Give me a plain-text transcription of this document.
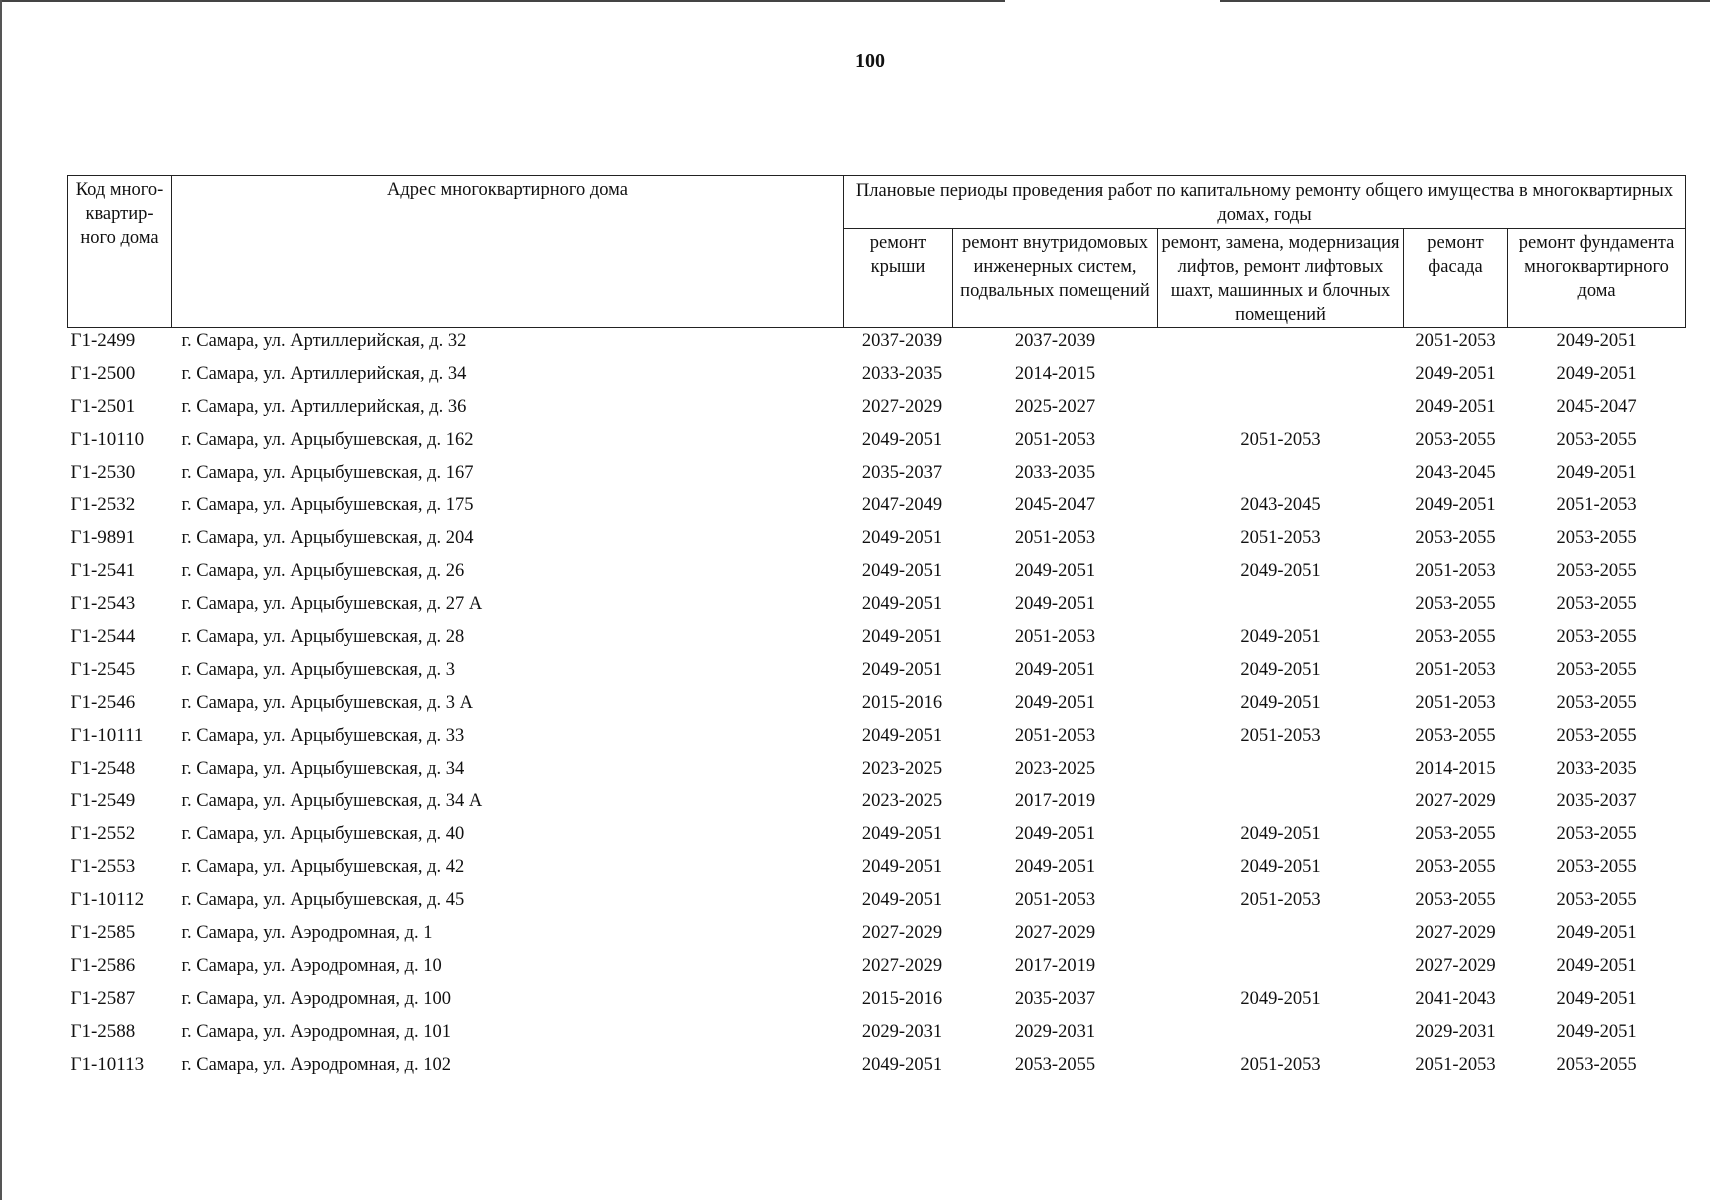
100
Код много-квартир-ного дома	Адрес многоквартирного дома	Плановые периоды проведения работ по капитальному ремонту общего имущества в многоквартирных домах, годы				
		ремонт крыши	ремонт внутридомовых инженерных систем, подвальных помещений	ремонт, замена, модернизация лифтов, ремонт лифтовых шахт, машинных и блочных помещений	ремонт фасада	ремонт фундамента многоквартирного дома
Г1-2499	г. Самара, ул. Артиллерийская, д. 32	2037-2039	2037-2039		2051-2053	2049-2051
Г1-2500	г. Самара, ул. Артиллерийская, д. 34	2033-2035	2014-2015		2049-2051	2049-2051
Г1-2501	г. Самара, ул. Артиллерийская, д. 36	2027-2029	2025-2027		2049-2051	2045-2047
Г1-10110	г. Самара, ул. Арцыбушевская, д. 162	2049-2051	2051-2053	2051-2053	2053-2055	2053-2055
Г1-2530	г. Самара, ул. Арцыбушевская, д. 167	2035-2037	2033-2035		2043-2045	2049-2051
Г1-2532	г. Самара, ул. Арцыбушевская, д. 175	2047-2049	2045-2047	2043-2045	2049-2051	2051-2053
Г1-9891	г. Самара, ул. Арцыбушевская, д. 204	2049-2051	2051-2053	2051-2053	2053-2055	2053-2055
Г1-2541	г. Самара, ул. Арцыбушевская, д. 26	2049-2051	2049-2051	2049-2051	2051-2053	2053-2055
Г1-2543	г. Самара, ул. Арцыбушевская, д. 27 А	2049-2051	2049-2051		2053-2055	2053-2055
Г1-2544	г. Самара, ул. Арцыбушевская, д. 28	2049-2051	2051-2053	2049-2051	2053-2055	2053-2055
Г1-2545	г. Самара, ул. Арцыбушевская, д. 3	2049-2051	2049-2051	2049-2051	2051-2053	2053-2055
Г1-2546	г. Самара, ул. Арцыбушевская, д. 3 А	2015-2016	2049-2051	2049-2051	2051-2053	2053-2055
Г1-10111	г. Самара, ул. Арцыбушевская, д. 33	2049-2051	2051-2053	2051-2053	2053-2055	2053-2055
Г1-2548	г. Самара, ул. Арцыбушевская, д. 34	2023-2025	2023-2025		2014-2015	2033-2035
Г1-2549	г. Самара, ул. Арцыбушевская, д. 34 А	2023-2025	2017-2019		2027-2029	2035-2037
Г1-2552	г. Самара, ул. Арцыбушевская, д. 40	2049-2051	2049-2051	2049-2051	2053-2055	2053-2055
Г1-2553	г. Самара, ул. Арцыбушевская, д. 42	2049-2051	2049-2051	2049-2051	2053-2055	2053-2055
Г1-10112	г. Самара, ул. Арцыбушевская, д. 45	2049-2051	2051-2053	2051-2053	2053-2055	2053-2055
Г1-2585	г. Самара, ул. Аэродромная, д. 1	2027-2029	2027-2029		2027-2029	2049-2051
Г1-2586	г. Самара, ул. Аэродромная, д. 10	2027-2029	2017-2019		2027-2029	2049-2051
Г1-2587	г. Самара, ул. Аэродромная, д. 100	2015-2016	2035-2037	2049-2051	2041-2043	2049-2051
Г1-2588	г. Самара, ул. Аэродромная, д. 101	2029-2031	2029-2031		2029-2031	2049-2051
Г1-10113	г. Самара, ул. Аэродромная, д. 102	2049-2051	2053-2055	2051-2053	2051-2053	2053-2055
